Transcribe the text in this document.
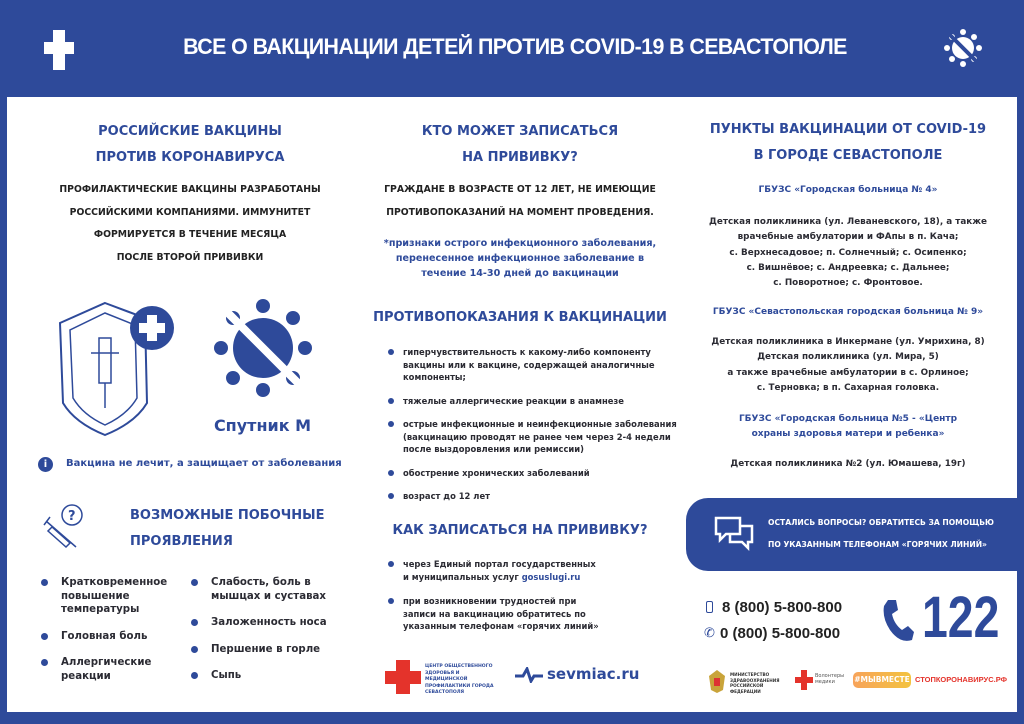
ВСЕ О ВАКЦИНАЦИИ ДЕТЕЙ ПРОТИВ COVID-19 В СЕВАСТОПОЛЕ
РОССИЙСКИЕ ВАКЦИНЫ
ПРОТИВ КОРОНАВИРУСА
ПРОФИЛАКТИЧЕСКИЕ ВАКЦИНЫ РАЗРАБОТАНЫ
РОССИЙСКИМИ КОМПАНИЯМИ. ИММУНИТЕТ
ФОРМИРУЕТСЯ В ТЕЧЕНИЕ МЕСЯЦА
ПОСЛЕ ВТОРОЙ ПРИВИВКИ
Спутник М
i	Вакцина не лечит, а защищает от заболевания
?	ВОЗМОЖНЫЕ ПОБОЧНЫЕ
ПРОЯВЛЕНИЯ
Кратковременное повышение температуры
Головная боль
Аллергические реакции
Слабость, боль в мышцах и суставах
Заложенность носа
Першение в горле
Сыпь
КТО МОЖЕТ ЗАПИСАТЬСЯ
НА ПРИВИВКУ?
ГРАЖДАНЕ В ВОЗРАСТЕ ОТ 12 ЛЕТ, НЕ ИМЕЮЩИЕ
ПРОТИВОПОКАЗАНИЙ НА МОМЕНТ ПРОВЕДЕНИЯ.
*признаки острого инфекционного заболевания,
перенесенное инфекционное заболевание в
течение 14-30 дней до вакцинации
ПРОТИВОПОКАЗАНИЯ К ВАКЦИНАЦИИ
гиперчувствительность к какому-либо компоненту вакцины или к вакцине, содержащей аналогичные компоненты;
тяжелые аллергические реакции в анамнезе
острые инфекционные и неинфекционные заболевания (вакцинацию проводят не ранее чем через 2-4 недели после выздоровления или ремиссии)
обострение хронических заболеваний
возраст до 12 лет
КАК ЗАПИСАТЬСЯ НА ПРИВИВКУ?
через Единый портал государственных и муниципальных услуг gosuslugi.ru
при возникновении трудностей при записи на вакцинацию обратитесь по указанным телефонам «горячих линий»
ЦЕНТР ОБЩЕСТВЕННОГО ЗДОРОВЬЯ И МЕДИЦИНСКОЙ ПРОФИЛАКТИКИ ГОРОДА СЕВАСТОПОЛЯ
sevmiac.ru
ПУНКТЫ ВАКЦИНАЦИИ ОТ COVID-19
В ГОРОДЕ СЕВАСТОПОЛЕ
ГБУЗС «Городская больница № 4»
Детская поликлиника (ул. Леваневского, 18), а также
врачебные амбулатории и ФАпы в п. Кача;
с. Верхнесадовое; п. Солнечный; с. Осипенко;
с. Вишнёвое; с. Андреевка; с. Дальнее;
с. Поворотное; с. Фронтовое.
ГБУЗС «Севастопольская городская больница № 9»
Детская поликлиника в Инкермане (ул. Умрихина, 8)
Детская поликлиника (ул. Мира, 5)
а также врачебные амбулатории в с. Орлиное;
с. Терновка; в п. Сахарная головка.
ГБУЗС «Городская больница №5 - «Центр охраны здоровья матери и ребенка»
Детская поликлиника №2 (ул. Юмашева, 19г)
ОСТАЛИСЬ ВОПРОСЫ? ОБРАТИТЕСЬ ЗА ПОМОЩЬЮ
ПО УКАЗАННЫМ ТЕЛЕФОНАМ «ГОРЯЧИХ ЛИНИЙ»
8 (800) 5-800-800
✆ 0 (800) 5-800-800 122
МИНИСТЕРСТВО ЗДРАВООХРАНЕНИЯ РОССИЙСКОЙ ФЕДЕРАЦИИ
Волонтеры медики	#МЫВМЕСТЕ СТОПКОРОНАВИРУС.РФ
